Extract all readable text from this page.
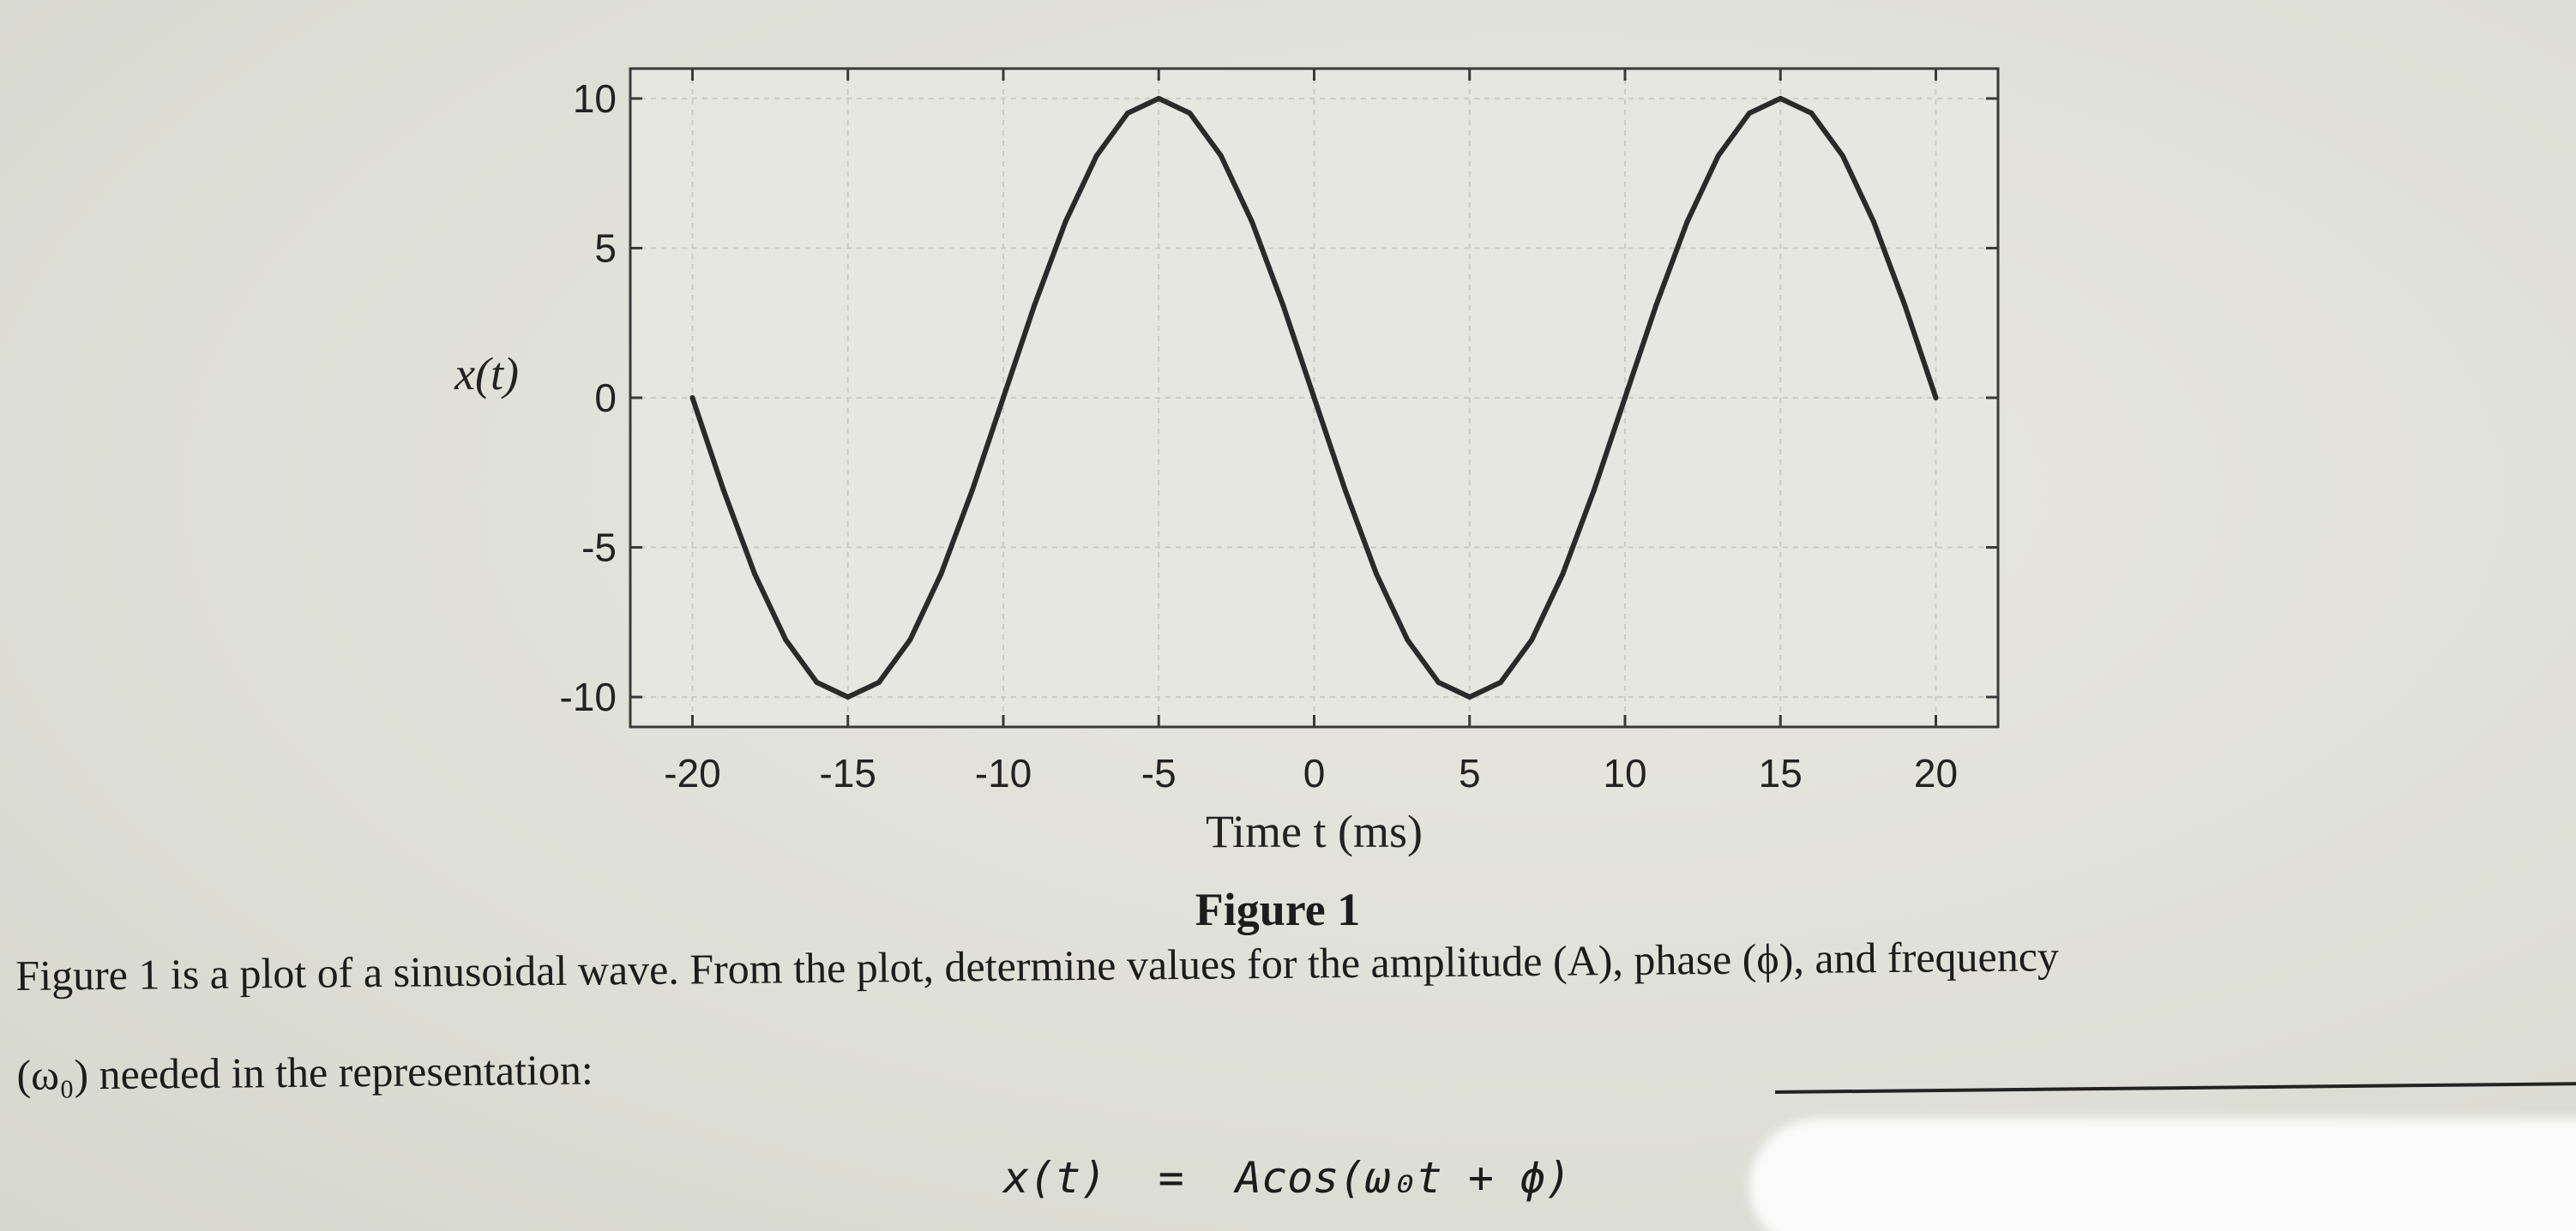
-20 -15 -10	-5	0	5	10	15	20
-10
-5
0
5
10
Time t (ms)
x(t)
Figure 1
Figure 1 is a plot of a sinusoidal wave. From the plot, determine values for the amplitude (A), phase (ϕ), and frequency
(ω₀) needed in the representation:
x(t)  =  Acos(ω₀t + ϕ)
